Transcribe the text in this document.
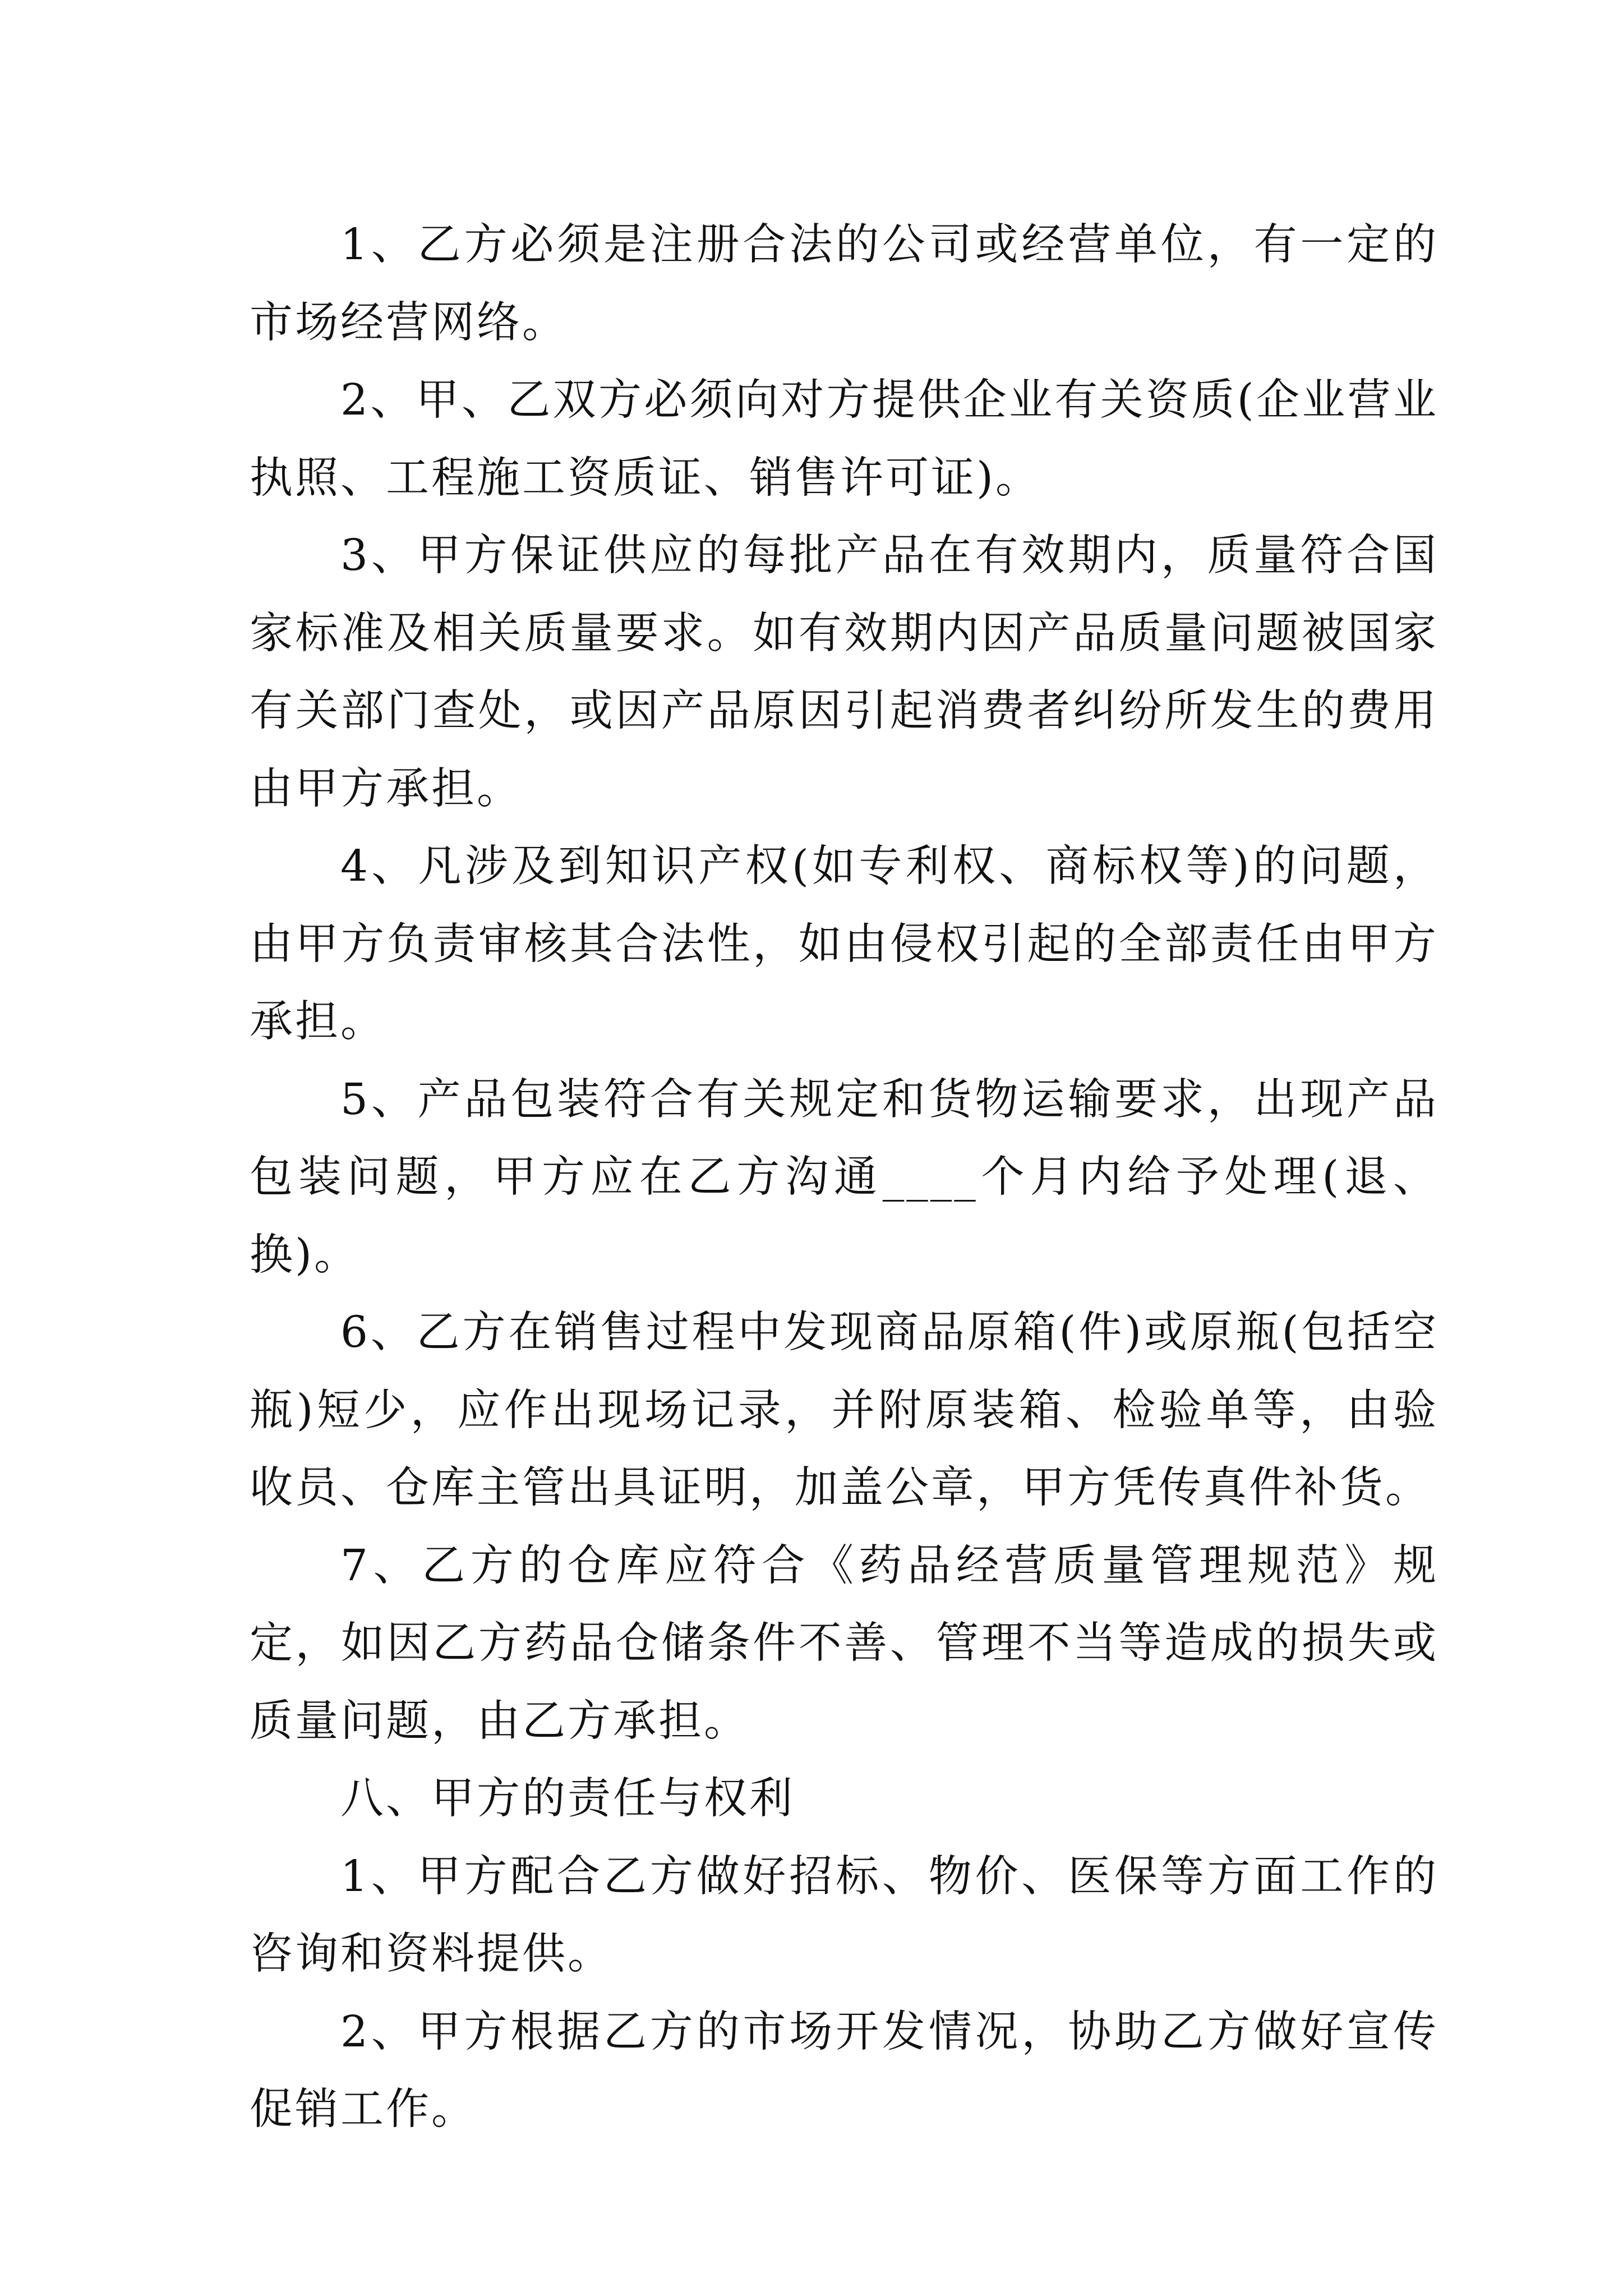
1、乙方必须是注册合法的公司或经营单位，有一定的市场经营网络。

2、甲、乙双方必须向对方提供企业有关资质(企业营业执照、工程施工资质证、销售许可证)。

3、甲方保证供应的每批产品在有效期内，质量符合国家标准及相关质量要求。如有效期内因产品质量问题被国家有关部门查处，或因产品原因引起消费者纠纷所发生的费用由甲方承担。

4、凡涉及到知识产权(如专利权、商标权等)的问题，由甲方负责审核其合法性，如由侵权引起的全部责任由甲方承担。

5、产品包装符合有关规定和货物运输要求，出现产品包装问题，甲方应在乙方沟通____个月内给予处理(退、换)。

6、乙方在销售过程中发现商品原箱(件)或原瓶(包括空瓶)短少，应作出现场记录，并附原装箱、检验单等，由验收员、仓库主管出具证明，加盖公章，甲方凭传真件补货。

7、乙方的仓库应符合《药品经营质量管理规范》规定，如因乙方药品仓储条件不善、管理不当等造成的损失或质量问题，由乙方承担。

八、甲方的责任与权利

1、甲方配合乙方做好招标、物价、医保等方面工作的咨询和资料提供。

2、甲方根据乙方的市场开发情况，协助乙方做好宣传促销工作。
